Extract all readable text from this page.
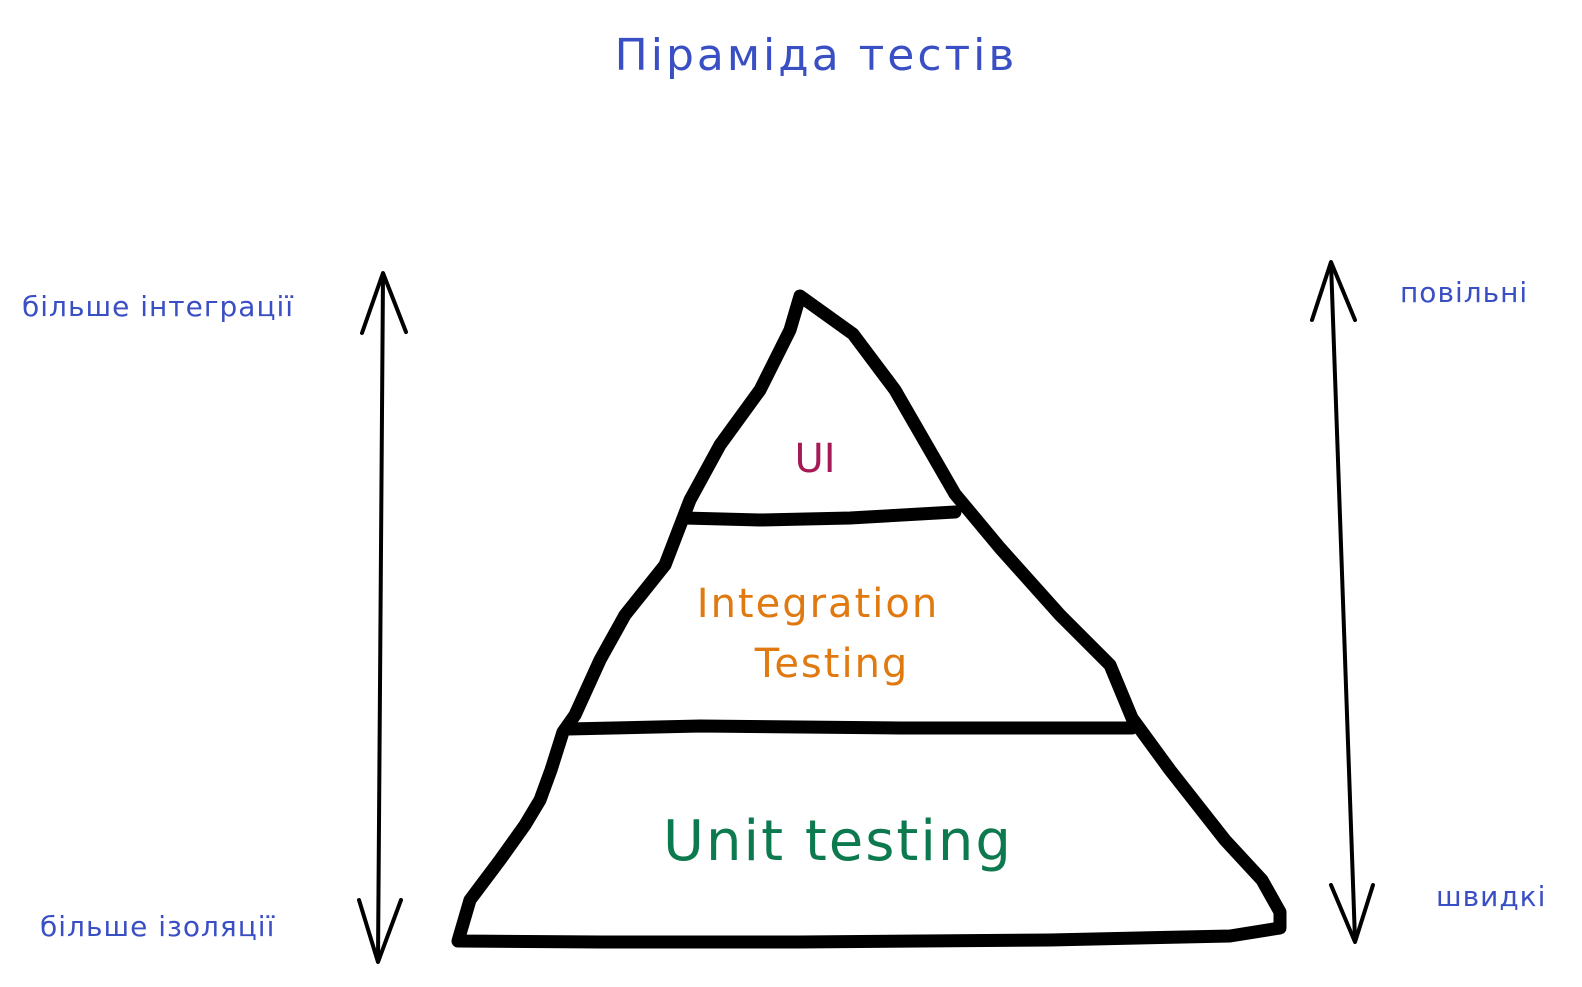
Піраміда тестів
більше інтеграції
більше ізоляції
повільні
швидкі
UI
Integration
Testing
Unit testing
